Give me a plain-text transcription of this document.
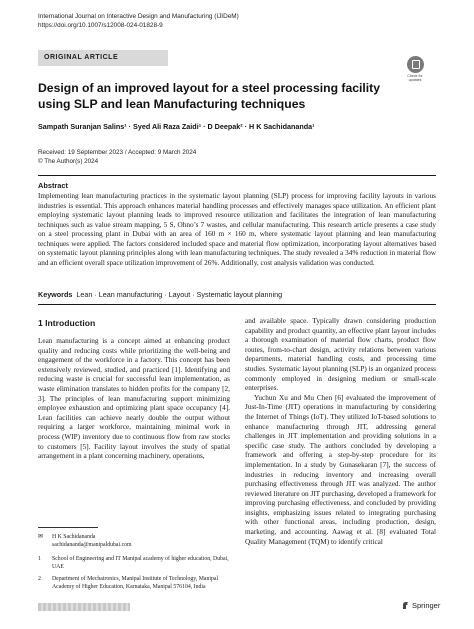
International Journal on Interactive Design and Manufacturing (IJIDeM)
https://doi.org/10.1007/s12008-024-01828-9
ORIGINAL ARTICLE
Check for updates
Design of an improved layout for a steel processing facility using SLP and lean Manufacturing techniques
Sampath Suranjan Salins¹ · Syed Ali Raza Zaidi¹ · D Deepak² · H K Sachidananda¹
Received: 19 September 2023 / Accepted: 9 March 2024
© The Author(s) 2024
Abstract
Implementing lean manufacturing practices in the systematic layout planning (SLP) process for improving facility layouts in various industries is essential. This approach enhances material handling processes and effectively manages space utilization. An efficient plant employing systematic layout planning leads to improved resource utilization and facilitates the integration of lean manufacturing techniques such as value stream mapping, 5 S, Ohno’s 7 wastes, and cellular manufacturing. This research article presents a case study on a steel processing plant in Dubai with an area of 160 m × 160 m, where systematic layout planning and lean manufacturing techniques were applied. The factors considered included space and material flow optimization, incorporating layout alternatives based on systematic layout planning principles along with lean manufacturing techniques. The study revealed a 34% reduction in material flow and an efficient overall space utilization improvement of 26%. Additionally, cost analysis validation was conducted.
Keywords Lean · Lean manufacturing · Layout · Systematic layout planning
1 Introduction

Lean manufacturing is a concept aimed at enhancing product quality and reducing costs while prioritizing the well-being and engagement of the workforce in a factory. This concept has been extensively reviewed, studied, and practiced [1]. Identifying and reducing waste is crucial for successful lean implementation, as waste elimination translates to hidden profits for the company [2, 3]. The principles of lean manufacturing support minimizing employee exhaustion and optimizing plant space occupancy [4]. Lean facilities can achieve nearly double the output without requiring a larger workforce, maintaining minimal work in process (WIP) inventory due to continuous flow from raw stocks to customers [5]. Facility layout involves the study of spatial arrangement in a plant concerning machinery, operations,

and available space. Typically drawn considering production capability and product quantity, an effective plant layout includes a thorough examination of material flow charts, product flow routes, from-to-chart design, activity relations between various departments, material handling costs, and processing time studies. Systematic layout planning (SLP) is an organized process commonly employed in designing medium or small-scale enterprises.

Yuchun Xu and Mu Chen [6] evaluated the improvement of Just-In-Time (JIT) operations in manufacturing by considering the Internet of Things (IoT). They utilized IoT-based solutions to enhance manufacturing through JIT, addressing general challenges in JIT implementation and providing solutions in a specific case study. The authors concluded by developing a framework and offering a step-by-step procedure for its implementation. In a study by Gunasekaran [7], the success of industries in reducing inventory and increasing overall purchasing effectiveness through JIT was analyzed. The author reviewed literature on JIT purchasing, developed a framework for improving purchasing effectiveness, and concluded by providing insights, emphasizing issues related to integrating purchasing with other functional areas, including production, design, marketing, and accounting. Aawag et al. [8] evaluated Total Quality Management (TQM) to identify critical

✉	H K Sachidananda
sachidananda@manipaldubai.com
1	School of Engineering and IT Manipal academy of higher education, Dubai, UAE
2	Department of Mechatronics, Manipal Institute of Technology, Manipal Academy of Higher Education, Karnataka, Manipal 576104, India
Springer
